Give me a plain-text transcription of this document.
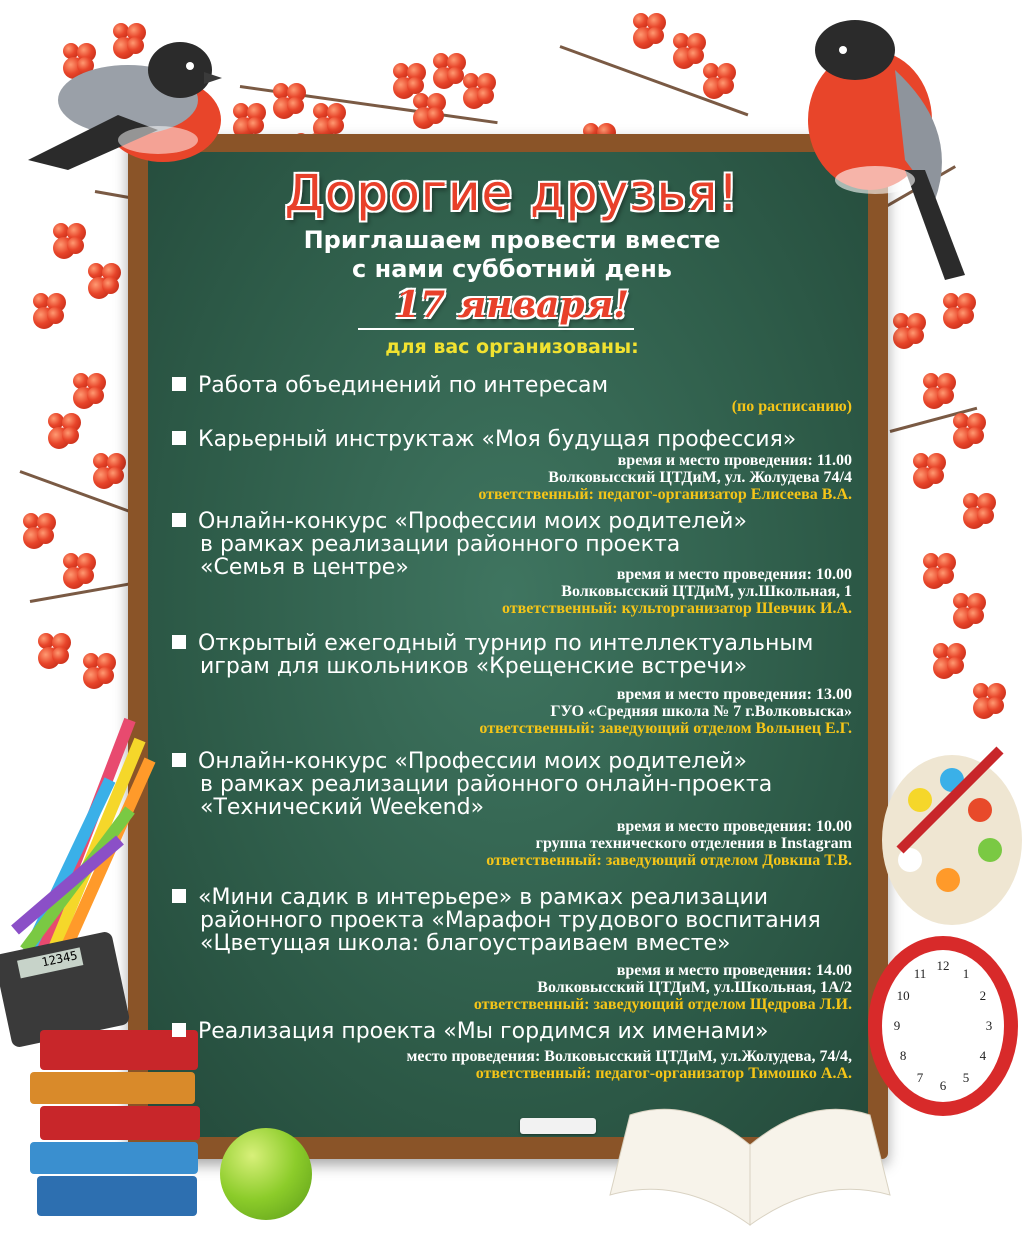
12345	12
1
2
3
4
5
6
7
8
9
10
11
Дорогие друзья!
Приглашаем провести вместе
с нами субботний день
17 января!
для вас организованы:
Работа объединений по интересам
(по расписанию)
Карьерный инструктаж «Моя будущая профессия»
время и место проведения: 11.00
Волковысский ЦТДиМ, ул. Жолудева 74/4
ответственный: педагог-организатор Елисеева В.А.
Онлайн-конкурс «Профессии моих родителей»
в рамках реализации районного проекта
«Семья в центре»	время и место проведения: 10.00
Волковысский ЦТДиМ, ул.Школьная, 1
ответственный: культорганизатор Шевчик И.А.
Открытый ежегодный турнир по интеллектуальным
играм для школьников «Крещенские встречи»
время и место проведения: 13.00
ГУО «Средняя школа № 7 г.Волковыска»
ответственный: заведующий отделом Волынец Е.Г.
Онлайн-конкурс «Профессии моих родителей»
в рамках реализации районного онлайн-проекта
«Технический Weekend»
время и место проведения: 10.00
группа технического отделения в Instagram
ответственный: заведующий отделом Довкша Т.В.
«Мини садик в интерьере» в рамках реализации
районного проекта «Марафон трудового воспитания
«Цветущая школа: благоустраиваем вместе»
время и место проведения: 14.00
Волковысский ЦТДиМ, ул.Школьная, 1А/2
ответственный: заведующий отделом Щедрова Л.И.
Реализация проекта «Мы гордимся их именами»
место проведения: Волковысский ЦТДиМ, ул.Жолудева, 74/4,
ответственный: педагог-организатор Тимошко А.А.
